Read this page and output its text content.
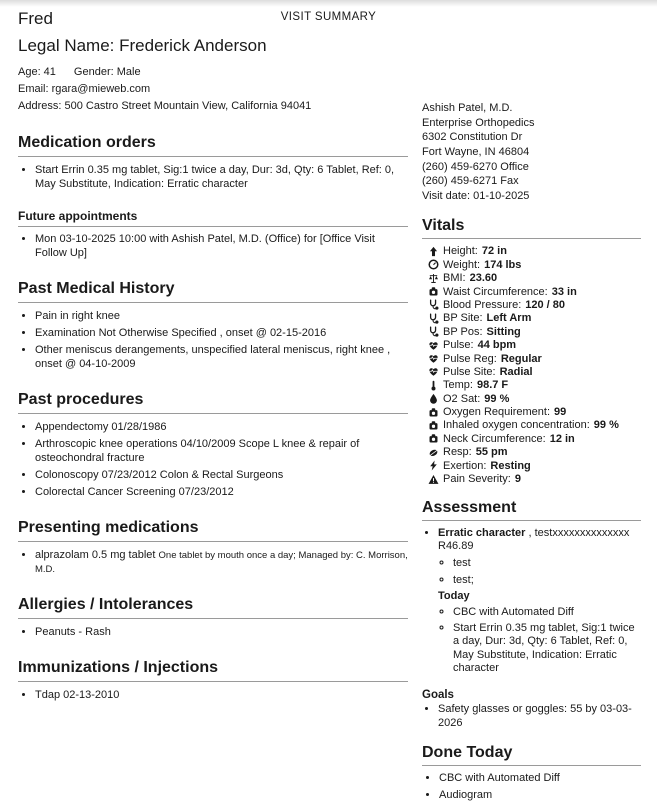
VISIT SUMMARY
Fred
Legal Name: Frederick Anderson
Age: 41 Gender: Male
Email: rgara@mieweb.com
Address: 500 Castro Street Mountain View, California 94041
Medication orders
• Start Errin 0.35 mg tablet, Sig:1 twice a day, Dur: 3d, Qty: 6 Tablet, Ref: 0, May Substitute, Indication: Erratic character
Future appointments
• Mon 03-10-2025 10:00 with Ashish Patel, M.D. (Office) for [Office Visit Follow Up]
Past Medical History
• Pain in right knee
• Examination Not Otherwise Specified , onset @ 02-15-2016
• Other meniscus derangements, unspecified lateral meniscus, right knee , onset @ 04-10-2009
Past procedures
• Appendectomy 01/28/1986
• Arthroscopic knee operations 04/10/2009 Scope L knee & repair of osteochondral fracture
• Colonoscopy 07/23/2012 Colon & Rectal Surgeons
• Colorectal Cancer Screening 07/23/2012
Presenting medications
• alprazolam 0.5 mg tablet One tablet by mouth once a day; Managed by: C. Morrison, M.D.
Allergies / Intolerances
• Peanuts - Rash
Immunizations / Injections
• Tdap 02-13-2010
Ashish Patel, M.D.
Enterprise Orthopedics
6302 Constitution Dr
Fort Wayne, IN 46804
(260) 459-6270 Office
(260) 459-6271 Fax
Visit date: 01-10-2025
Vitals
Height: 72 in
Weight: 174 lbs
BMI: 23.60
Waist Circumference: 33 in
Blood Pressure: 120 / 80
BP Site: Left Arm
BP Pos: Sitting
Pulse: 44 bpm
Pulse Reg: Regular
Pulse Site: Radial
Temp: 98.7 F
O2 Sat: 99 %
Oxygen Requirement: 99
Inhaled oxygen concentration: 99 %
Neck Circumference: 12 in
Resp: 55 pm
Exertion: Resting
Pain Severity: 9
Assessment
• Erratic character , testxxxxxxxxxxxxxx R46.89
◦ test
◦ test;
Today
◦ CBC with Automated Diff
◦ Start Errin 0.35 mg tablet, Sig:1 twice a day, Dur: 3d, Qty: 6 Tablet, Ref: 0, May Substitute, Indication: Erratic character
Goals
• Safety glasses or goggles: 55 by 03-03-2026
Done Today
• CBC with Automated Diff
• Audiogram
